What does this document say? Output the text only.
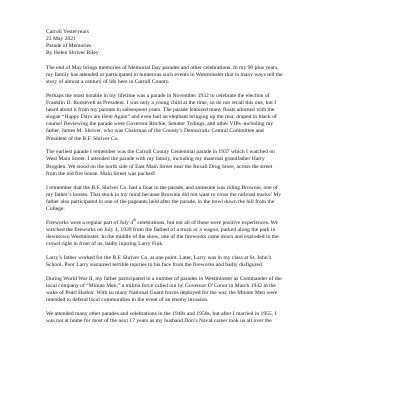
Carroll Yesteryears
23 May 2021
Parade of Memories
By Helen Shriver Riley

The end of May brings memories of Memorial Day parades and other celebrations. In my 90 plus years,
my family has attended or participated in numerous such events in Westminster that in many ways tell the
story of almost a century of life here in Carroll County.

Perhaps the most notable in my lifetime was a parade in November 1932 to celebrate the election of
Franklin D. Roosevelt as President. I was only a young child at the time, so do not recall this one, but I
heard about it from my parents in subsequent years. The parade featured many floats adorned with the
slogan “Happy Days are Here Again” and even had an elephant bringing up the rear, draped in black of
course! Reviewing the parade were Governor Ritchie, Senator Tydings, and other VIPs–including my
father, James M. Shriver, who was Chairman of the County’s Democratic Central Committee and
President of the B.F. Shriver Co.

The earliest parade I remember was the Carroll County Centennial parade in 1937 which I watched on
West Main Street. I attended the parade with my family, including my maternal grandfather Harry
Brogden. We stood on the north side of East Main Street near the Rexall Drug Store, across the street
from the old fire house. Main Street was packed!

I remember that the B.F. Shriver Co. had a float in the parade, and someone was riding Brownie, one of
my father’s horses. That stuck in my mind because Brownie did not want to cross the railroad tracks! My
father also participated in one of the pageants held after the parade, in the bowl down the hill from the
College.

Fireworks were a regular part of July 4th celebrations, but not all of these were positive experiences. We
watched the fireworks on July 4, 1939 from the flatbed of a truck or a wagon, parked along the park in
downtown Westminster. In the middle of the show, one of the fireworks came down and exploded in the
crowd right in front of us, badly injuring Larry Fink.

Larry’s father worked for the B.F. Shriver Co. at one point. Later, Larry was in my class at St. John’s
School. Poor Larry sustained terrible injuries to his face from the fireworks and badly disfigured.

During World War II, my father participated in a number of parades in Westminster as Commander of the
local company of “Minute Men,” a militia force called out by Governor O’Conor in March 1942 in the
wake of Pearl Harbor. With so many National Guard forces deployed for the war, the Minute Men were
intended to defend local communities in the event of an enemy invasion.

We attended many other parades and celebrations in the 1940s and 1950s, but after I married in 1955, I
was not at home for most of the next 17 years as my husband Don’s Naval career took us all over the
